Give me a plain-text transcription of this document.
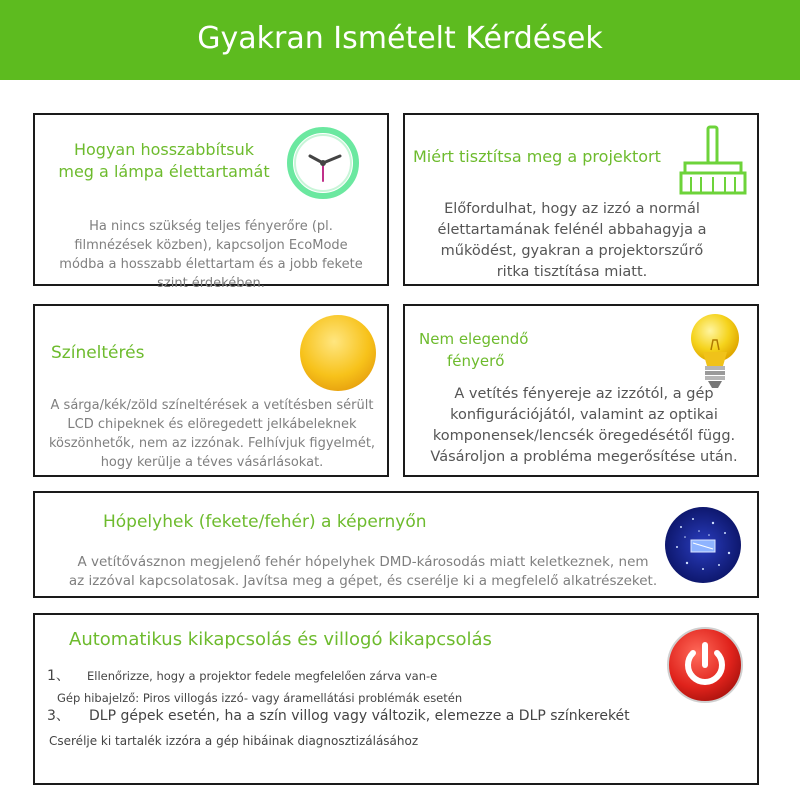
Gyakran Ismételt Kérdések
Hogyan hosszabbítsuk
meg a lámpa élettartamát
Ha nincs szükség teljes fényerőre (pl. filmnézések közben), kapcsoljon EcoMode módba a hosszabb élettartam és a jobb fekete szint érdekében.
Miért tisztítsa meg a projektort
Előfordulhat, hogy az izzó a normál élettartamának felénél abbahagyja a működést, gyakran a projektorszűrő ritka tisztítása miatt.
Színeltérés
A sárga/kék/zöld színeltérések a vetítésben sérült LCD chipeknek és elöregedett jelkábeleknek köszönhetők, nem az izzónak. Felhívjuk figyelmét, hogy kerülje a téves vásárlásokat.
Nem elegendő
fényerő
A vetítés fényereje az izzótól, a gép konfigurációjától, valamint az optikai komponensek/lencsék öregedésétől függ. Vásároljon a probléma megerősítése után.
Hópelyhek (fekete/fehér) a képernyőn
A vetítővásznon megjelenő fehér hópelyhek DMD-károsodás miatt keletkeznek, nem
az izzóval kapcsolatosak. Javítsa meg a gépet, és cserélje ki a megfelelő alkatrészeket.
Automatikus kikapcsolás és villogó kikapcsolás
1、 Ellenőrizze, hogy a projektor fedele megfelelően zárva van-e
Gép hibajelző: Piros villogás izzó- vagy áramellátási problémák esetén
3、 DLP gépek esetén, ha a szín villog vagy változik, elemezze a DLP színkerekét
Cserélje ki tartalék izzóra a gép hibáinak diagnosztizálásához
